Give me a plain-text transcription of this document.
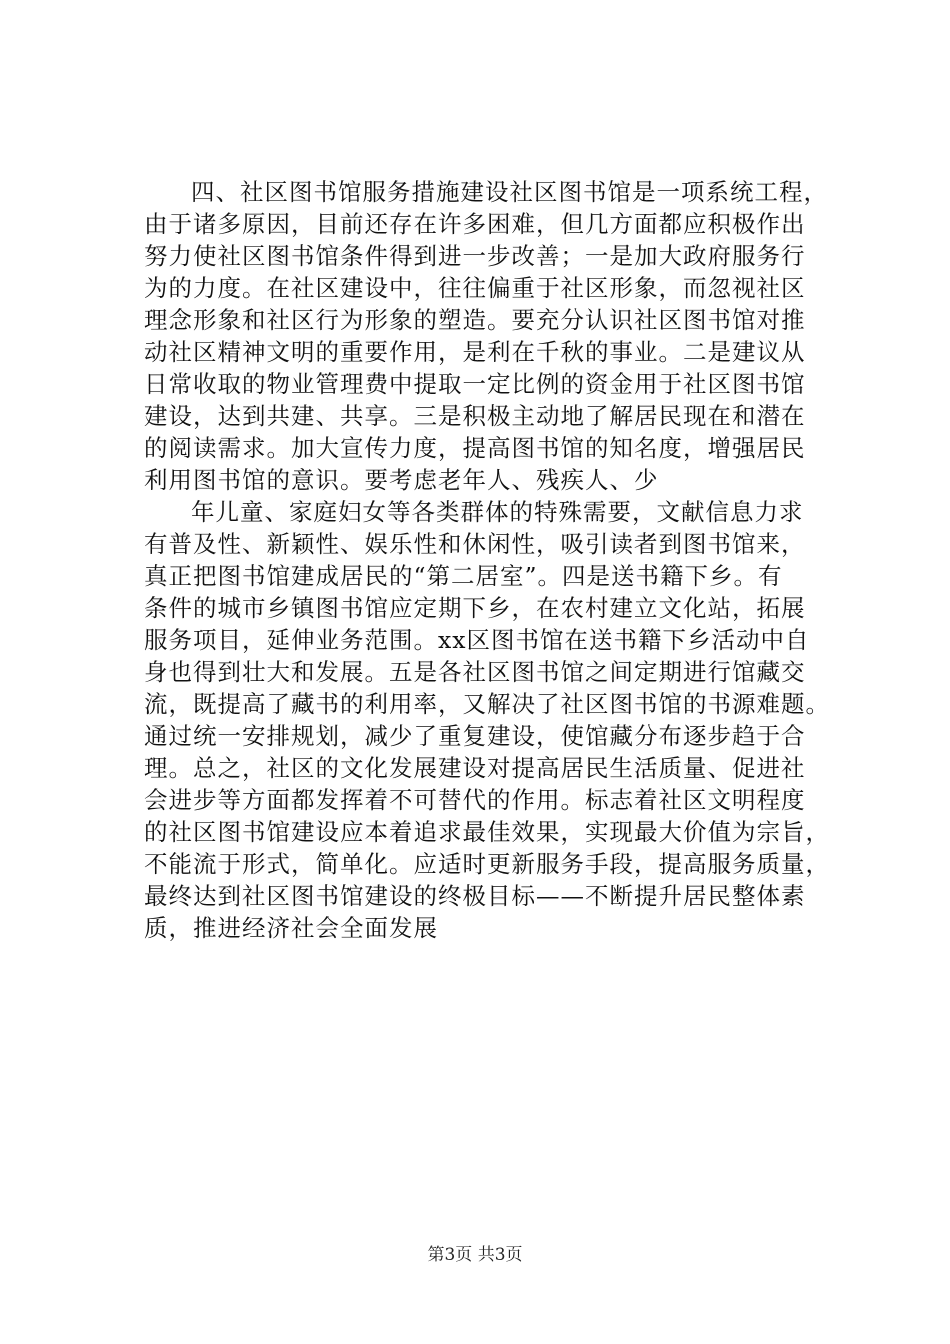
四、社区图书馆服务措施建设社区图书馆是一项系统工程，
由于诸多原因，目前还存在许多困难，但几方面都应积极作出
努力使社区图书馆条件得到进一步改善；一是加大政府服务行
为的力度。在社区建设中，往往偏重于社区形象，而忽视社区
理念形象和社区行为形象的塑造。要充分认识社区图书馆对推
动社区精神文明的重要作用，是利在千秋的事业。二是建议从
日常收取的物业管理费中提取一定比例的资金用于社区图书馆
建设，达到共建、共享。三是积极主动地了解居民现在和潜在
的阅读需求。加大宣传力度，提高图书馆的知名度，增强居民
利用图书馆的意识。要考虑老年人、残疾人、少
年儿童、家庭妇女等各类群体的特殊需要，文献信息力求
有普及性、新颖性、娱乐性和休闲性，吸引读者到图书馆来，
真正把图书馆建成居民的“第二居室”。四是送书籍下乡。有
条件的城市乡镇图书馆应定期下乡，在农村建立文化站，拓展
服务项目，延伸业务范围。xx区图书馆在送书籍下乡活动中自
身也得到壮大和发展。五是各社区图书馆之间定期进行馆藏交
流，既提高了藏书的利用率，又解决了社区图书馆的书源难题。
通过统一安排规划，减少了重复建设，使馆藏分布逐步趋于合
理。总之，社区的文化发展建设对提高居民生活质量、促进社
会进步等方面都发挥着不可替代的作用。标志着社区文明程度
的社区图书馆建设应本着追求最佳效果，实现最大价值为宗旨，
不能流于形式，简单化。应适时更新服务手段，提高服务质量，
最终达到社区图书馆建设的终极目标——不断提升居民整体素
质，推进经济社会全面发展
第3页 共3页
